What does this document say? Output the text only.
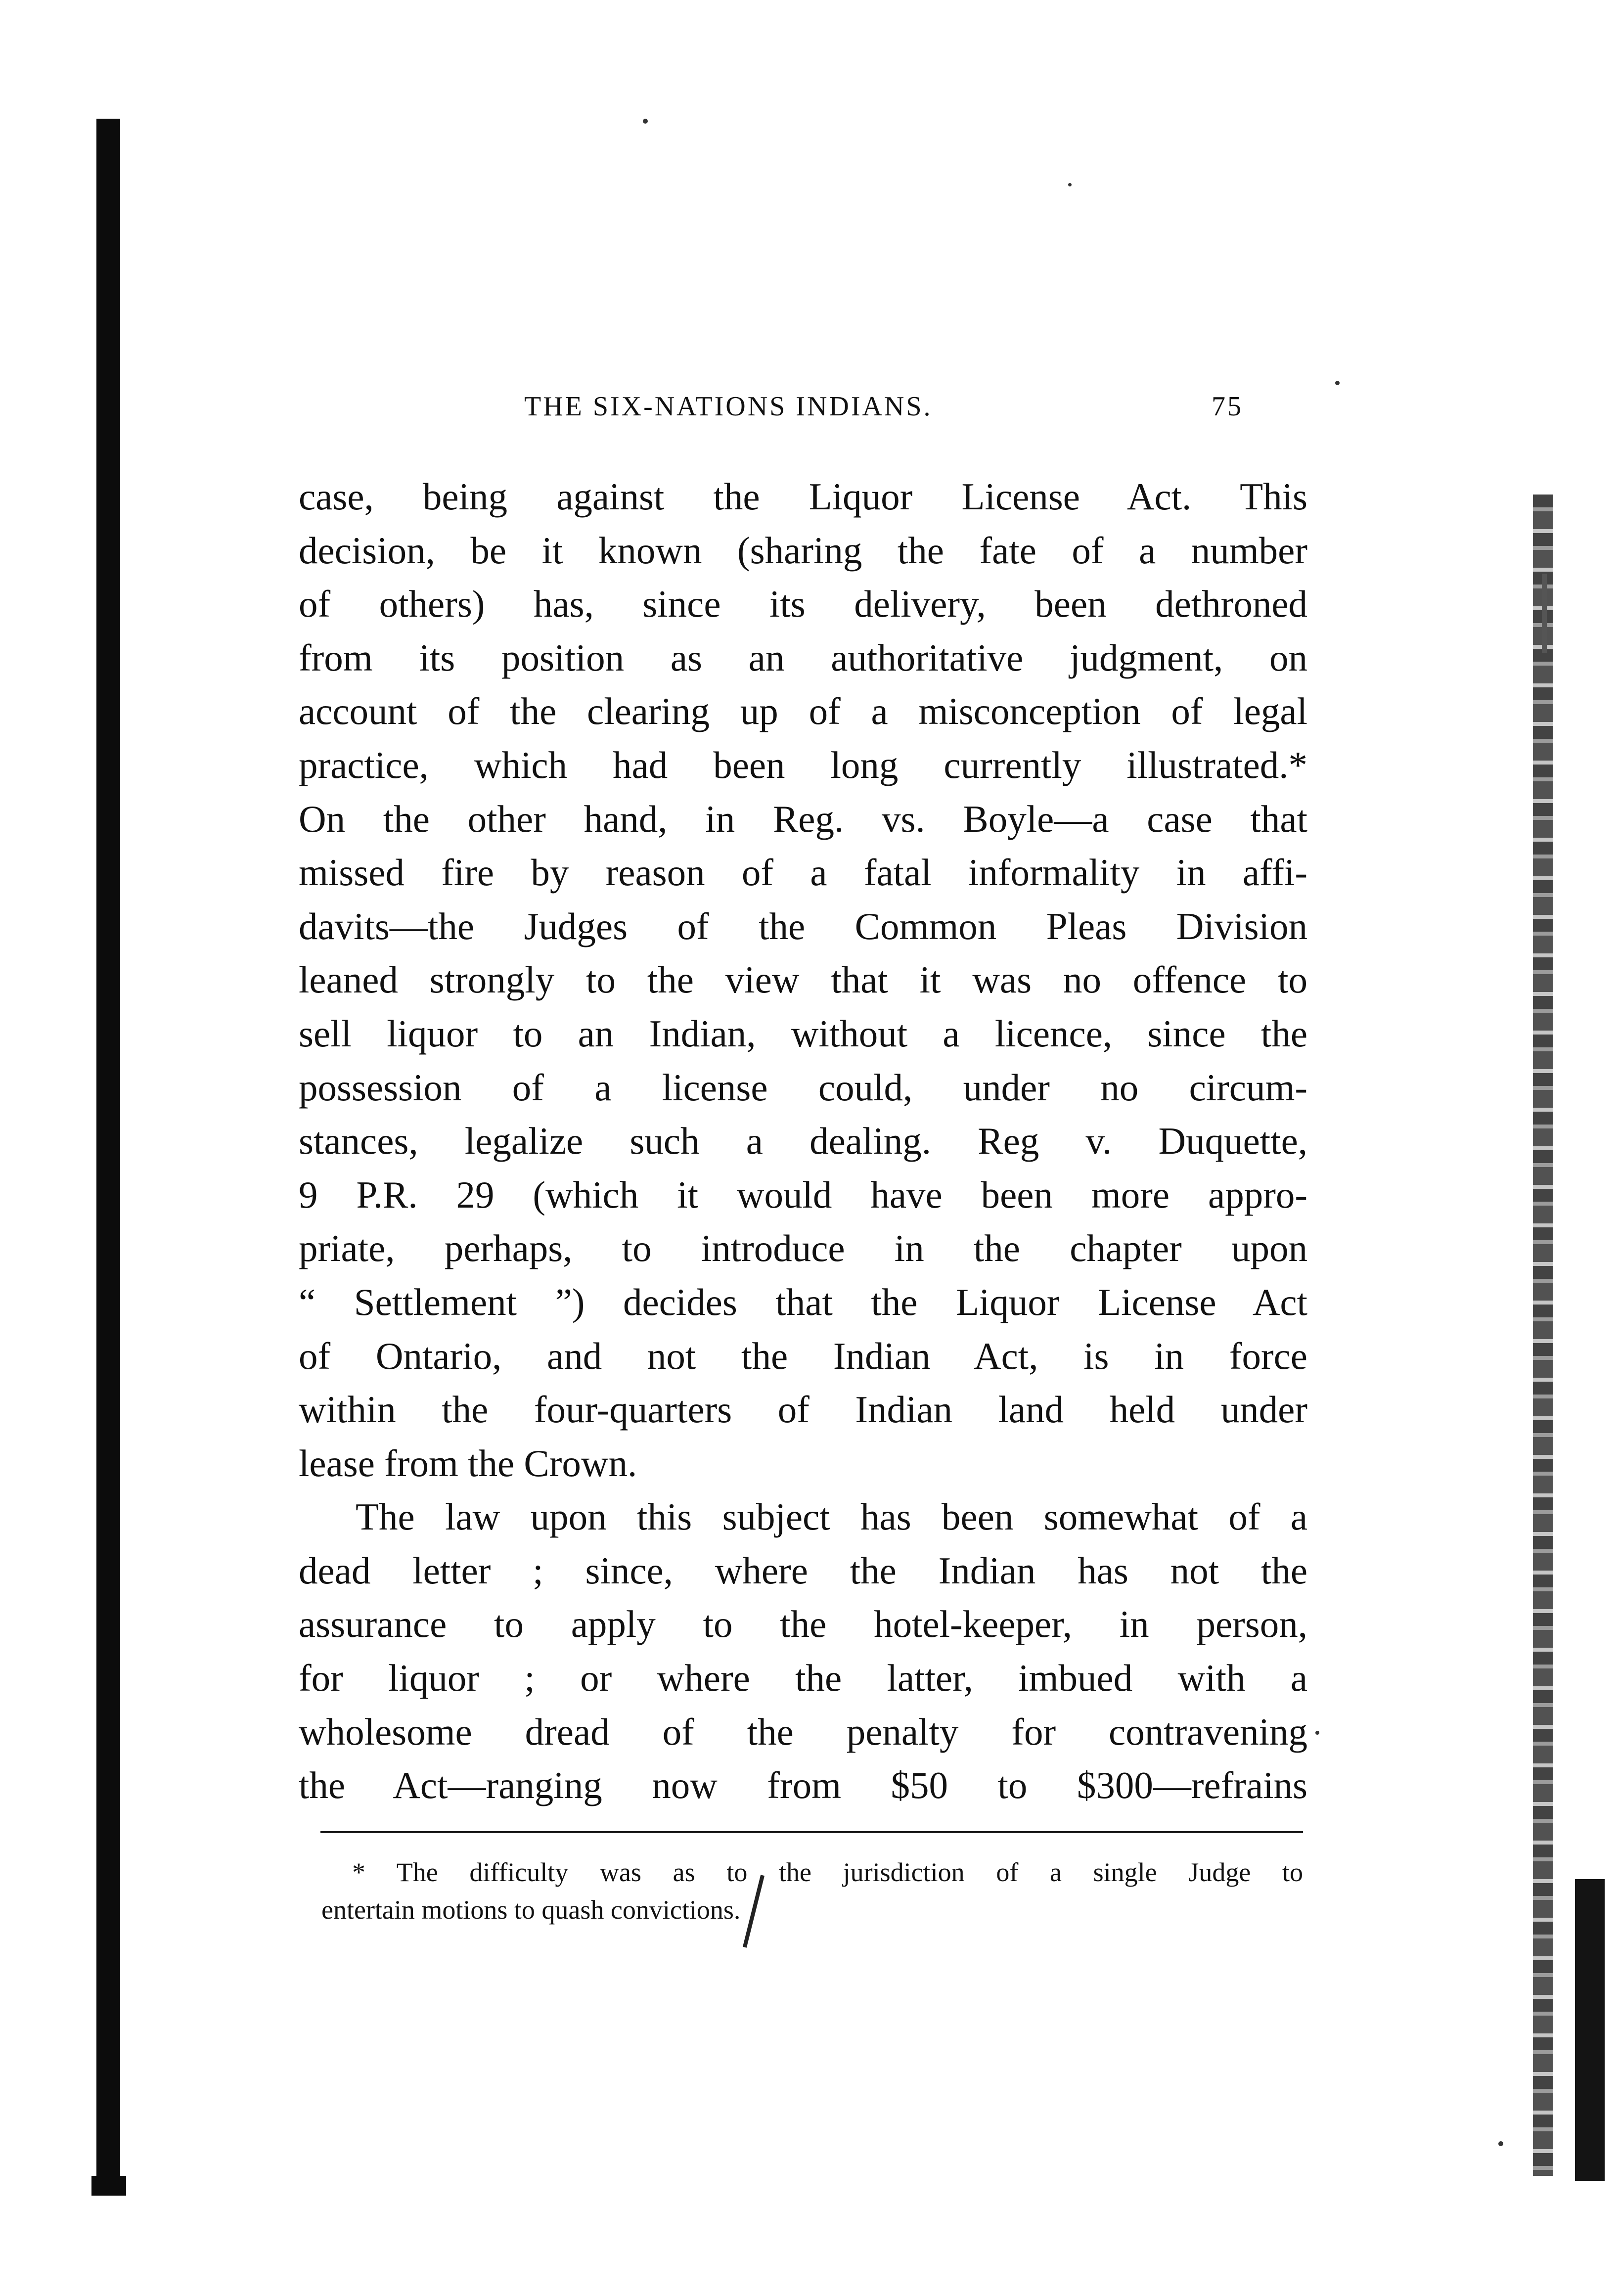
THE SIX-NATIONS INDIANS.	75
case, being against the Liquor License Act. This
decision, be it known (sharing the fate of a number
of others) has, since its delivery, been dethroned
from its position as an authoritative judgment, on
account of the clearing up of a misconception of legal
practice, which had been long currently illustrated.*
On the other hand, in Reg. vs. Boyle—a case that
missed fire by reason of a fatal informality in affi-
davits—the Judges of the Common Pleas Division
leaned strongly to the view that it was no offence to
sell liquor to an Indian, without a licence, since the
possession of a license could, under no circum-
stances, legalize such a dealing. Reg v. Duquette,
9 P.R. 29 (which it would have been more appro-
priate, perhaps, to introduce in the chapter upon
“ Settlement ”) decides that the Liquor License Act
of Ontario, and not the Indian Act, is in force
within the four-quarters of Indian land held under
lease from the Crown.
The law upon this subject has been somewhat of a
dead letter ; since, where the Indian has not the
assurance to apply to the hotel-keeper, in person,
for liquor ; or where the latter, imbued with a
wholesome dread of the penalty for contravening
the Act—ranging now from $50 to $300—refrains
* The difficulty was as to the jurisdiction of a single Judge to
entertain motions to quash convictions.
